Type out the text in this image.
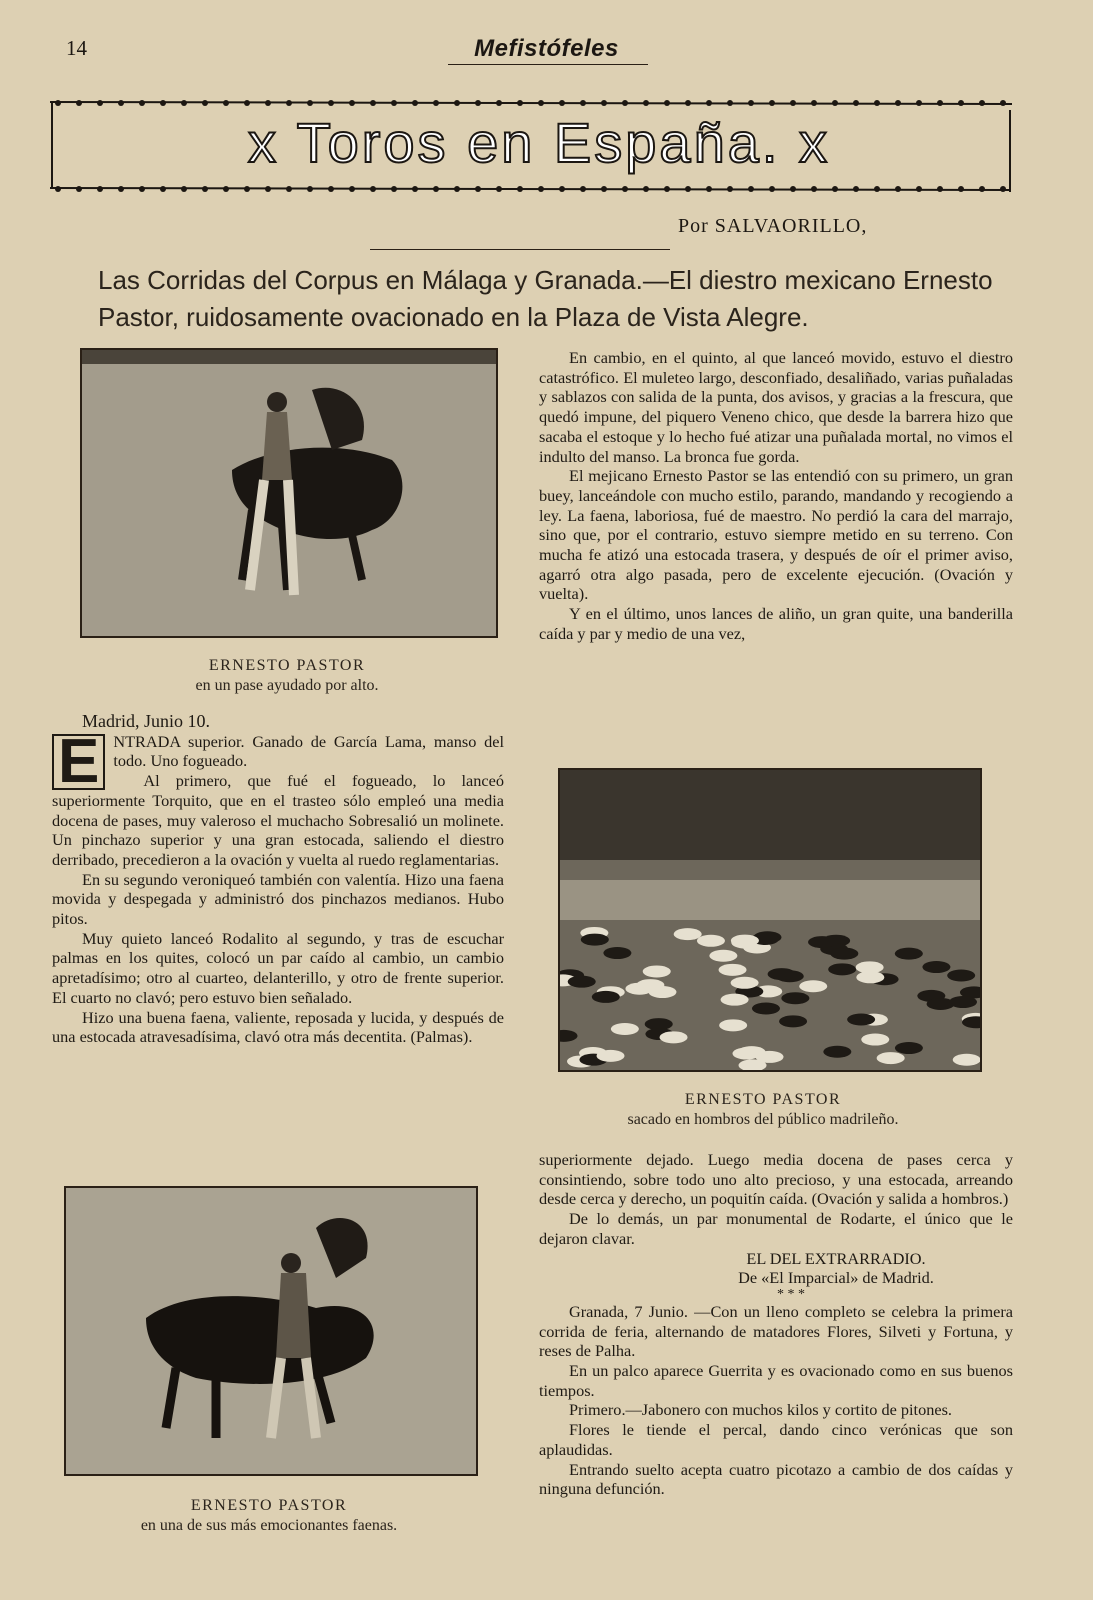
14	Mefistófeles
x Toros en España. x
Por SALVAORILLO,
Las Corridas del Corpus en Málaga y Granada.—El diestro mexicano Ernesto Pastor, ruidosamente ovacionado en la Plaza de Vista Alegre.
ERNESTO PASTOR
en un pase ayudado por alto.

Madrid, Junio 10.

E NTRADA superior. Ganado de García Lama, manso del todo. Uno fogueado.

Al primero, que fué el fogueado, lo lanceó superiormente Torquito, que en el trasteo sólo empleó una media docena de pases, muy valeroso el muchacho Sobresalió un molinete. Un pinchazo superior y una gran estocada, saliendo el diestro derribado, precedieron a la ovación y vuelta al ruedo reglamentarias.

En su segundo veroniqueó también con valentía. Hizo una faena movida y despegada y administró dos pinchazos medianos. Hubo pitos.

Muy quieto lanceó Rodalito al segundo, y tras de escuchar palmas en los quites, colocó un par caído al cambio, un cambio apretadísimo; otro al cuarteo, delanterillo, y otro de frente superior. El cuarto no clavó; pero estuvo bien señalado.

Hizo una buena faena, valiente, reposada y lucida, y después de una estocada atravesadísima, clavó otra más decentita. (Palmas).

ERNESTO PASTOR
en una de sus más emocionantes faenas.

En cambio, en el quinto, al que lanceó movido, estuvo el diestro catastrófico. El muleteo largo, desconfiado, desaliñado, varias puñaladas y sablazos con salida de la punta, dos avisos, y gracias a la frescura, que quedó impune, del piquero Veneno chico, que desde la barrera hizo que sacaba el estoque y lo hecho fué atizar una puñalada mortal, no vimos el indulto del manso. La bronca fue gorda.

El mejicano Ernesto Pastor se las entendió con su primero, un gran buey, lanceándole con mucho estilo, parando, mandando y recogiendo a ley. La faena, laboriosa, fué de maestro. No perdió la cara del marrajo, sino que, por el contrario, estuvo siempre metido en su terreno. Con mucha fe atizó una estocada trasera, y después de oír el primer aviso, agarró otra algo pasada, pero de excelente ejecución. (Ovación y vuelta).

Y en el último, unos lances de aliño, un gran quite, una banderilla caída y par y medio de una vez,

ERNESTO PASTOR
sacado en hombros del público madrileño.

superiormente dejado. Luego media docena de pases cerca y consintiendo, sobre todo uno alto precioso, y una estocada, arreando desde cerca y derecho, un poquitín caída. (Ovación y salida a hombros.)

De lo demás, un par monumental de Rodarte, el único que le dejaron clavar.

EL DEL EXTRARRADIO.

De «El Imparcial» de Madrid.

* * *

Granada, 7 Junio. —Con un lleno completo se celebra la primera corrida de feria, alternando de matadores Flores, Silveti y Fortuna, y reses de Palha.

En un palco aparece Guerrita y es ovacionado como en sus buenos tiempos.

Primero.—Jabonero con muchos kilos y cortito de pitones.

Flores le tiende el percal, dando cinco verónicas que son aplaudidas.

Entrando suelto acepta cuatro picotazo a cambio de dos caídas y ninguna defunción.
